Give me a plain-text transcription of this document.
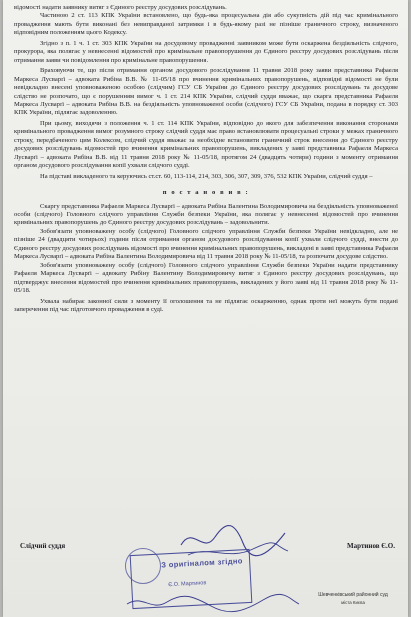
відомості надати заявнику витяг з Єдиного реєстру досудових розслідувань.

Частиною 2 ст. 113 КПК України встановлено, що будь-яка процесуальна дія або сукупність дій під час кримінального провадження мають бути виконані без невиправданої затримки і в будь-якому разі не пізніше граничного строку, визначеного відповідним положенням цього Кодексу.

Згідно з п. 1 ч. 1 ст. 303 КПК України на досудовому провадженні заявником може бути оскаржена бездіяльність слідчого, прокурора, яка полягає у невнесенні відомостей про кримінальне правопорушення до Єдиного реєстру досудових розслідувань після отримання заяви чи повідомлення про кримінальне правопорушення.

Враховуючи те, що після отримання органом досудового розслідування 11 травня 2018 року заяви представника Рафаеля Маркеса Лусварґі – адвоката Рибіна В.В. № 11-05/18 про вчинення кримінальних правопорушень, відповідні відомості не були невідкладно внесені уповноваженою особою (слідчим) ГСУ СБ України до Єдиного реєстру досудових розслідувань та досудове слідство не розпочато, що є порушенням вимог ч. 1 ст. 214 КПК України, слідчий суддя вважає, що скарга представника Рафаеля Маркеса Лусварґі – адвоката Рибіна В.В. на бездіяльність уповноваженої особи (слідчого) ГСУ СБ України, подана в порядку ст. 303 КПК України, підлягає задоволенню.

При цьому, виходячи з положення ч. 1 ст. 114 КПК України, відповідно до якого для забезпечення виконання сторонами кримінального провадження вимог розумного строку слідчий суддя має право встановлювати процесуальні строки у межах граничного строку, передбаченого цим Колексом, слідчий суддя вважає за необхідне встановити граничний строк внесення до Єдиного реєстру досудових розслідувань відомостей про вчинення кримінальних правопорушень, викладених у заяві представника Рафаеля Маркеса Лусварґі – адвоката Рибіна В.В. від 11 травня 2018 року № 11-05/18, протягом 24 (двадцять чотири) години з моменту отримання органом досудового розслідування копії ухвали слідчого судді.

На підставі викладеного та керуючись ст.ст. 60, 113-114, 214, 303, 306, 307, 309, 376, 532 КПК України, слідчий суддя –

п о с т а н о в и в :

Скаргу представника Рафаеля Маркеса Лусварґі – адвоката Рибіна Валентина Володимировича на бездіяльність уповноваженої особи (слідчого) Головного слідчого управління Служби безпеки України, яка полягає у невнесенні відомостей про вчинення кримінальних правопорушень до Єдиного реєстру досудових розслідувань – задовольнити.

Зобов'язати уповноважену особу (слідчого) Головного слідчого управління Служби безпеки України невідкладно, але не пізніше 24 (двадцяти чотирьох) години після отримання органом досудового розслідування копії ухвали слідчого судді, внести до Єдиного реєстру досудових розслідувань відомості про вчинення кримінальних правопорушень, викладені в заяві представника Рафаеля Маркеса Лусварґі – адвоката Рибіна Валентина Володимировича від 11 травня 2018 року № 11-05/18, та розпочати досудове слідство.

Зобов'язати уповноважену особу (слідчого) Головного слідчого управління Служби безпеки України надати представнику Рафаеля Маркеса Лусварґі – адвокату Рибіну Валентину Володимировичу витяг з Єдиного реєстру досудових розслідувань, що підтверджує внесення відомостей про вчинення кримінальних правопорушень, викладених у його заяві від 11 травня 2018 року № 11-05/18.

Ухвала набирає законної сили з моменту її оголошення та не підлягає оскарженню, однак проти неї можуть бути подані заперечення під час підготовчого провадження в суді.

З оригіналом згідно
Є.О. Мартинов
Слідчий суддя	Мартинов Є.О.
Шевченківський районний суд
міста Києва
